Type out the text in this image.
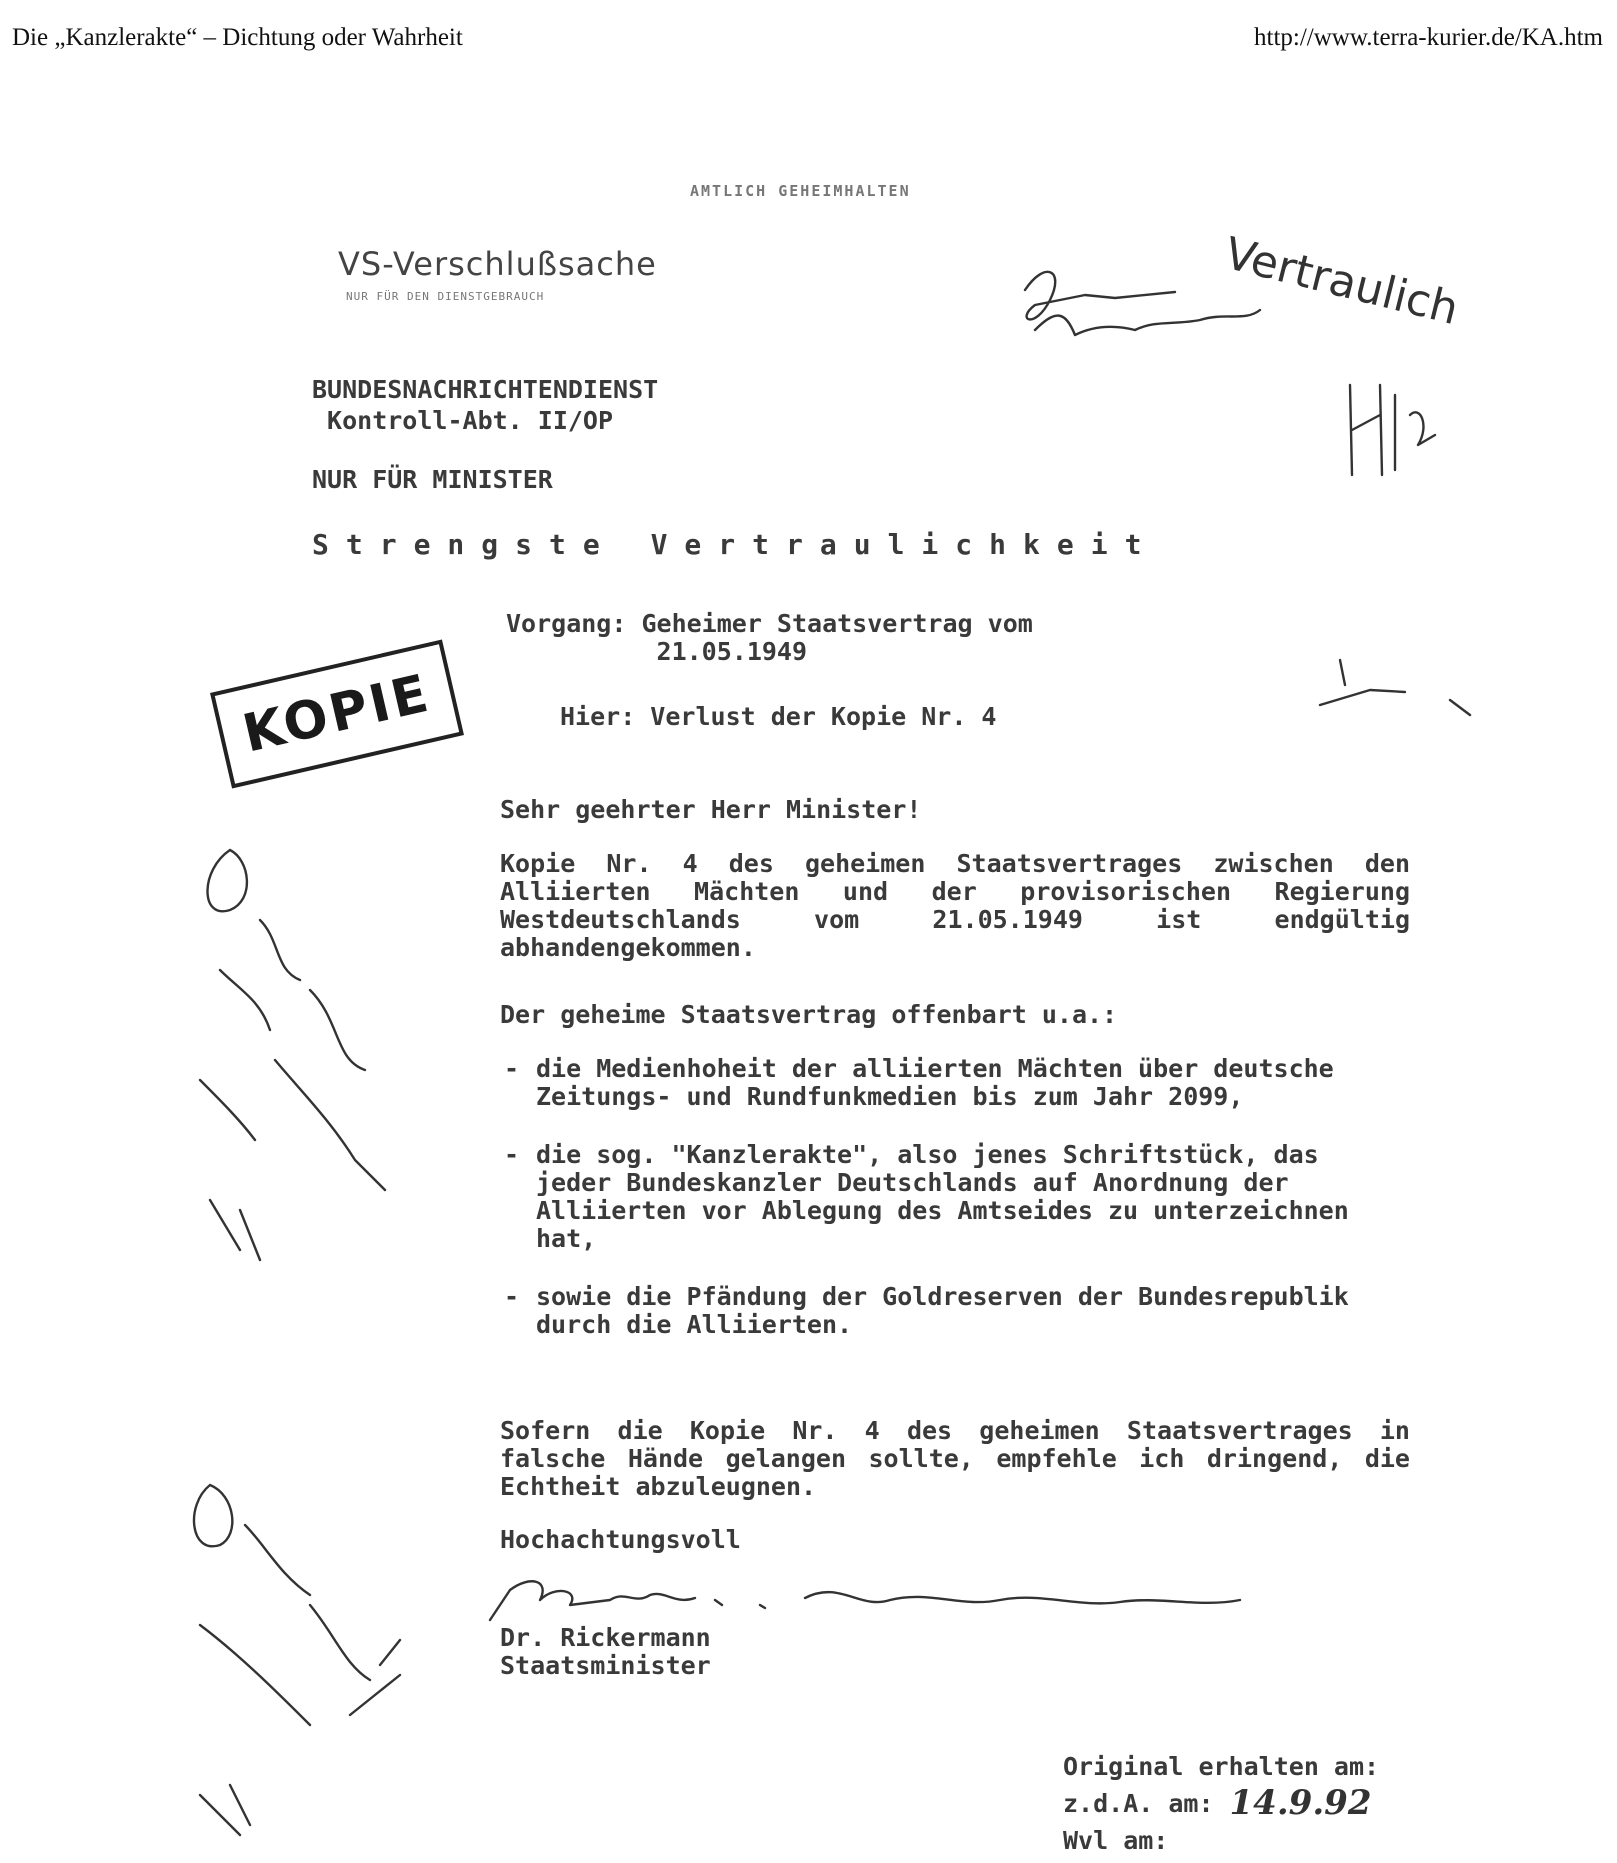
Die „Kanzlerakte“ – Dichtung oder Wahrheit	http://www.terra-kurier.de/KA.htm
AMTLICH GEHEIMHALTEN
VS-Verschlußsache
NUR FÜR DEN DIENSTGEBRAUCH	Vertraulich
BUNDESNACHRICHTENDIENST
Kontroll-Abt. II/OP
NUR FÜR MINISTER
Strengste Vertraulichkeit
KOPIE
Vorgang: Geheimer Staatsvertrag vom
21.05.1949
Hier: Verlust der Kopie Nr. 4
Sehr geehrter Herr Minister!
Kopie Nr. 4 des geheimen Staatsvertrages zwischen den Alliierten Mächten und der provisorischen Regierung Westdeutschlands vom 21.05.1949 ist endgültig abhandengekommen.
Der geheime Staatsvertrag offenbart u.a.:
- die Medienhoheit der alliierten Mächten über deutsche Zeitungs- und Rundfunkmedien bis zum Jahr 2099,
- die sog. "Kanzlerakte", also jenes Schriftstück, das jeder Bundeskanzler Deutschlands auf Anordnung der Alliierten vor Ablegung des Amtseides zu unterzeichnen hat,
- sowie die Pfändung der Goldreserven der Bundesrepublik durch die Alliierten.
Sofern die Kopie Nr. 4 des geheimen Staatsvertrages in falsche Hände gelangen sollte, empfehle ich dringend, die Echtheit abzuleugnen.
Hochachtungsvoll
Dr. Rickermann
Staatsminister
Original erhalten am:
z.d.A. am: 14.9.92
Wvl am:
